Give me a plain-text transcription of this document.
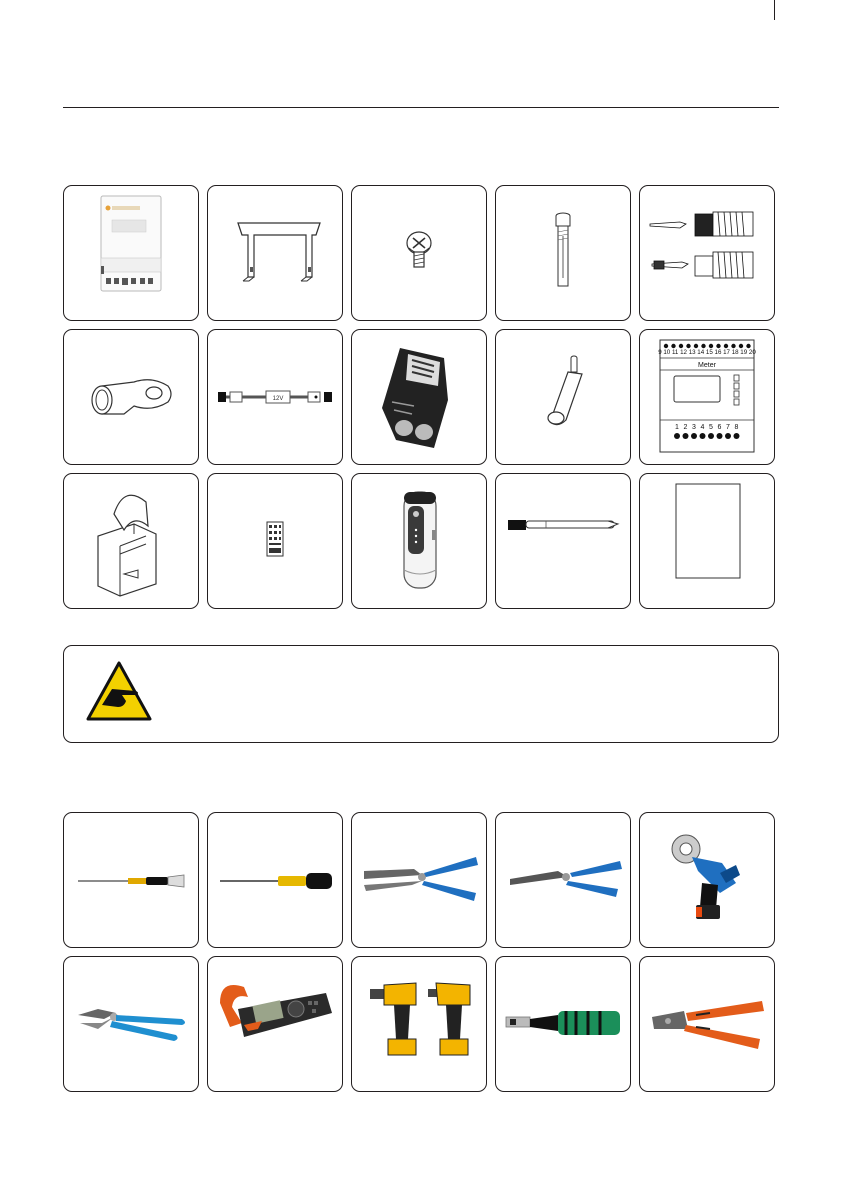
12V
9 10 11 12 13 14 15 16 17 18 19 20
Meter
1 2 3 4 5 6 7 8
KLEIN
